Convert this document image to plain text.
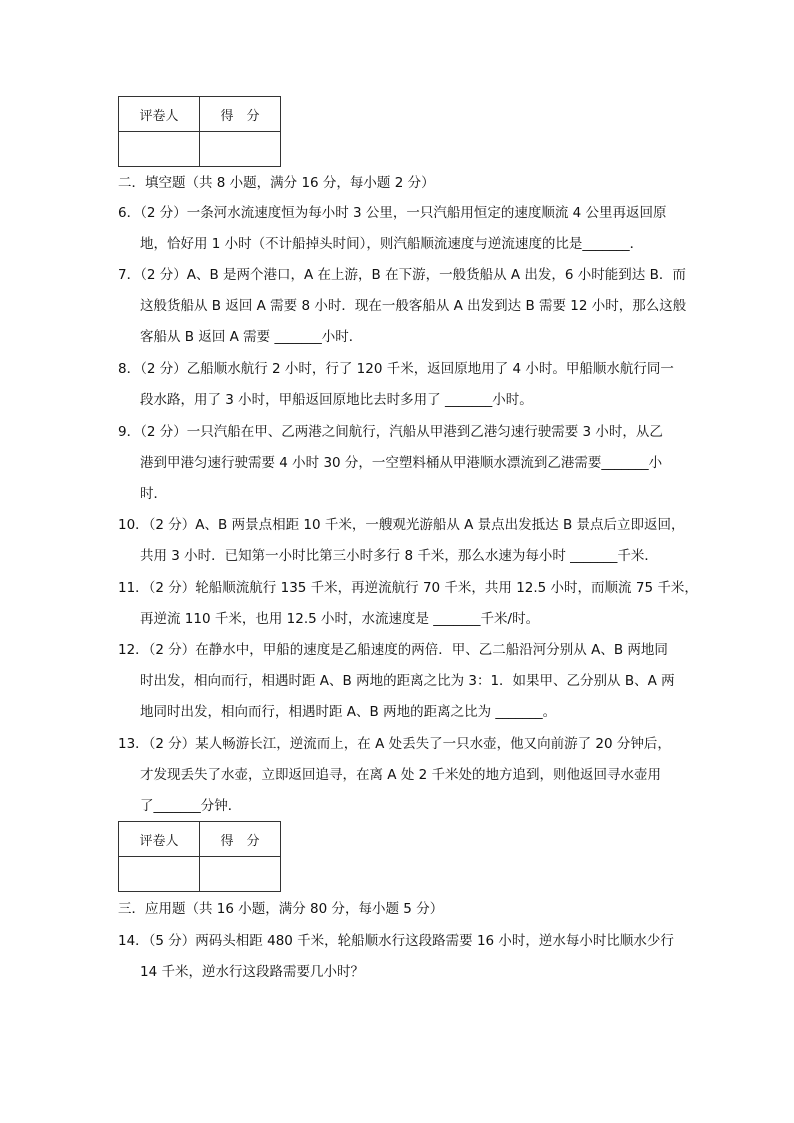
评卷人	得　分

二．填空题（共 8 小题，满分 16 分，每小题 2 分）
6．（2 分）一条河水流速度恒为每小时 3 公里，一只汽船用恒定的速度顺流 4 公里再返回原
地，恰好用 1 小时（不计船掉头时间），则汽船顺流速度与逆流速度的比是_______．
7．（2 分）A、B 是两个港口，A 在上游，B 在下游，一般货船从 A 出发，6 小时能到达 B．而
这般货船从 B 返回 A 需要 8 小时．现在一般客船从 A 出发到达 B 需要 12 小时，那么这般
客船从 B 返回 A 需要 _______小时．
8．（2 分）乙船顺水航行 2 小时，行了 120 千米，返回原地用了 4 小时。甲船顺水航行同一
段水路，用了 3 小时，甲船返回原地比去时多用了 _______小时。
9．（2 分）一只汽船在甲、乙两港之间航行，汽船从甲港到乙港匀速行驶需要 3 小时，从乙
港到甲港匀速行驶需要 4 小时 30 分，一空塑料桶从甲港顺水漂流到乙港需要_______小
时．
10．（2 分）A、B 两景点相距 10 千米，一艘观光游船从 A 景点出发抵达 B 景点后立即返回，
共用 3 小时．已知第一小时比第三小时多行 8 千米，那么水速为每小时 _______千米．
11．（2 分）轮船顺流航行 135 千米，再逆流航行 70 千米，共用 12.5 小时，而顺流 75 千米，
再逆流 110 千米，也用 12.5 小时，水流速度是 _______千米/时。
12．（2 分）在静水中，甲船的速度是乙船速度的两倍．甲、乙二船沿河分别从 A、B 两地同
时出发，相向而行，相遇时距 A、B 两地的距离之比为 3：1．如果甲、乙分别从 B、A 两
地同时出发，相向而行，相遇时距 A、B 两地的距离之比为 _______。
13．（2 分）某人畅游长江，逆流而上，在 A 处丢失了一只水壶，他又向前游了 20 分钟后，
才发现丢失了水壶，立即返回追寻，在离 A 处 2 千米处的地方追到，则他返回寻水壶用
了_______分钟．
评卷人	得　分

三．应用题（共 16 小题，满分 80 分，每小题 5 分）
14．（5 分）两码头相距 480 千米，轮船顺水行这段路需要 16 小时，逆水每小时比顺水少行
14 千米，逆水行这段路需要几小时？
